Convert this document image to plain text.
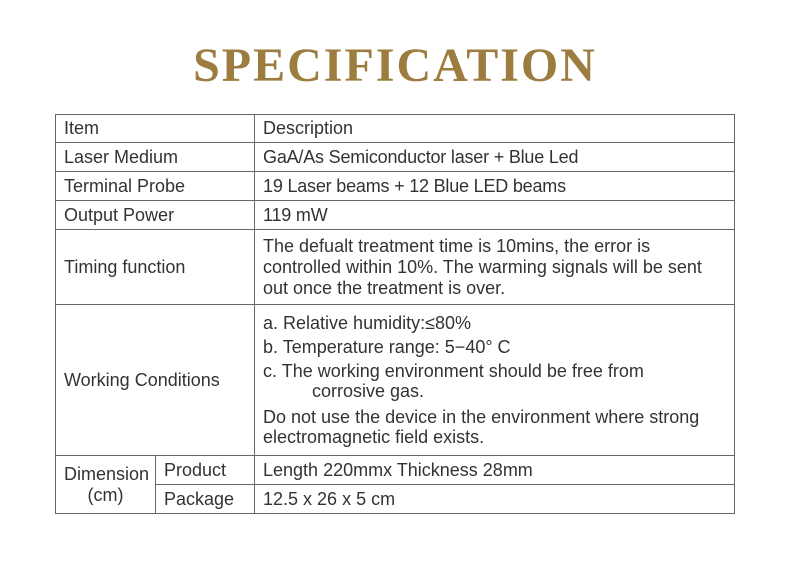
SPECIFICATION
Item		Description
Laser Medium		GaA/As Semiconductor laser + Blue Led
Terminal Probe		19 Laser beams + 12 Blue LED beams
Output Power		119 mW
Timing function		The defualt treatment time is 10mins, the error is controlled within 10%. The warming signals will be sent out once the treatment is over.
Working Conditions		a. Relative humidity:≤80%

b. Temperature range: 5−40° C

c. The working environment should be free from
corrosive gas.

Do not use the device in the environment where strong electromagnetic field exists.

Dimension
(cm)	Product	Length 220mmx Thickness 28mm
	Package	12.5 x 26 x 5 cm
